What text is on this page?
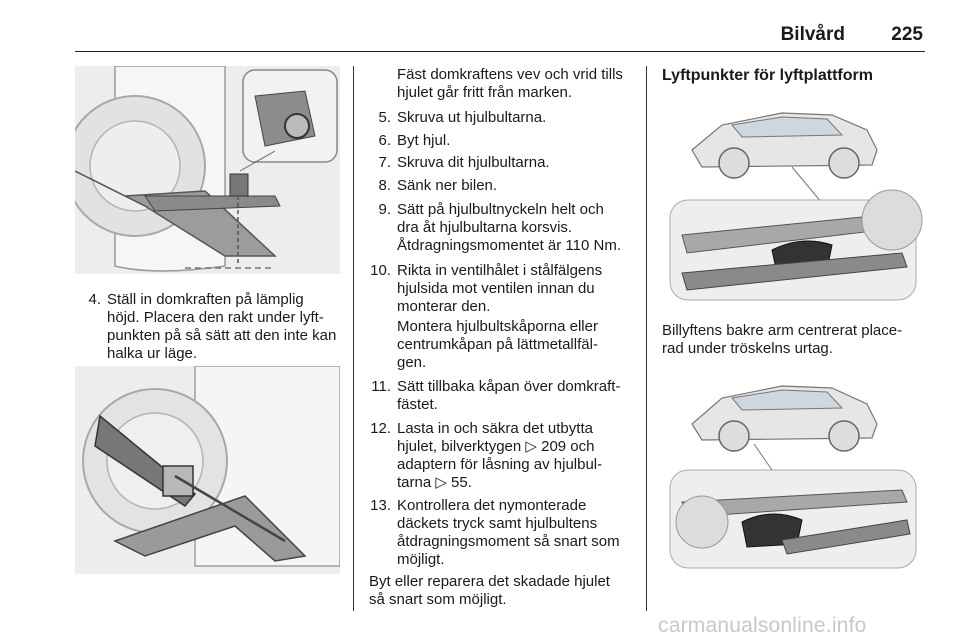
Bilvård 225
4. Ställ in domkraften på lämplig
höjd. Placera den rakt under lyft-
punkten på så sätt att den inte kan
halka ur läge.
Fäst domkraftens vev och vrid tills
hjulet går fritt från marken.
5. Skruva ut hjulbultarna.
6. Byt hjul.
7. Skruva dit hjulbultarna.
8. Sänk ner bilen.
9. Sätt på hjulbultnyckeln helt och
dra åt hjulbultarna korsvis.
Åtdragningsmomentet är 110 Nm.
10. Rikta in ventilhålet i stålfälgens
hjulsida mot ventilen innan du
monterar den.
Montera hjulbultskåporna eller
centrumkåpan på lättmetallfäl-
gen.
11. Sätt tillbaka kåpan över domkraft-
fästet.
12. Lasta in och säkra det utbytta
hjulet, bilverktygen ▷ 209 och
adaptern för låsning av hjulbul-
tarna ▷ 55.
13. Kontrollera det nymonterade
däckets tryck samt hjulbultens
åtdragningsmoment så snart som
möjligt.
Byt eller reparera det skadade hjulet
så snart som möjligt.
Lyftpunkter för lyftplattform
Billyftens bakre arm centrerat place-
rad under tröskelns urtag.
carmanualsonline.info
